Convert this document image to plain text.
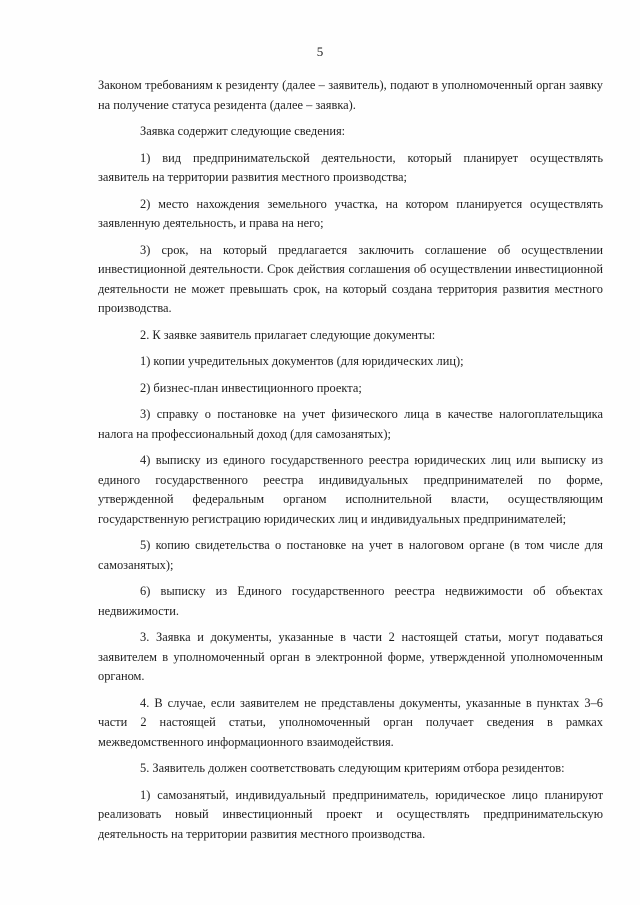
5

Законом требованиям к резиденту (далее – заявитель), подают в уполномоченный орган заявку на получение статуса резидента (далее – заявка).

Заявка содержит следующие сведения:

1) вид предпринимательской деятельности, который планирует осуществлять заявитель на территории развития местного производства;

2) место нахождения земельного участка, на котором планируется осуществлять заявленную деятельность, и права на него;

3) срок, на который предлагается заключить соглашение об осуществлении инвестиционной деятельности. Срок действия соглашения об осуществлении инвестиционной деятельности не может превышать срок, на который создана территория развития местного производства.

2. К заявке заявитель прилагает следующие документы:

1) копии учредительных документов (для юридических лиц);

2) бизнес-план инвестиционного проекта;

3) справку о постановке на учет физического лица в качестве налогоплательщика налога на профессиональный доход (для самозанятых);

4) выписку из единого государственного реестра юридических лиц или выписку из единого государственного реестра индивидуальных предпринимателей по форме, утвержденной федеральным органом исполнительной власти, осуществляющим государственную регистрацию юридических лиц и индивидуальных предпринимателей;

5) копию свидетельства о постановке на учет в налоговом органе (в том числе для самозанятых);

6) выписку из Единого государственного реестра недвижимости об объектах недвижимости.

3. Заявка и документы, указанные в части 2 настоящей статьи, могут подаваться заявителем в уполномоченный орган в электронной форме, утвержденной уполномоченным органом.

4. В случае, если заявителем не представлены документы, указанные в пунктах 3–6 части 2 настоящей статьи, уполномоченный орган получает сведения в рамках межведомственного информационного взаимодействия.

5. Заявитель должен соответствовать следующим критериям отбора резидентов:

1) самозанятый, индивидуальный предприниматель, юридическое лицо планируют реализовать новый инвестиционный проект и осуществлять предпринимательскую деятельность на территории развития местного производства.
